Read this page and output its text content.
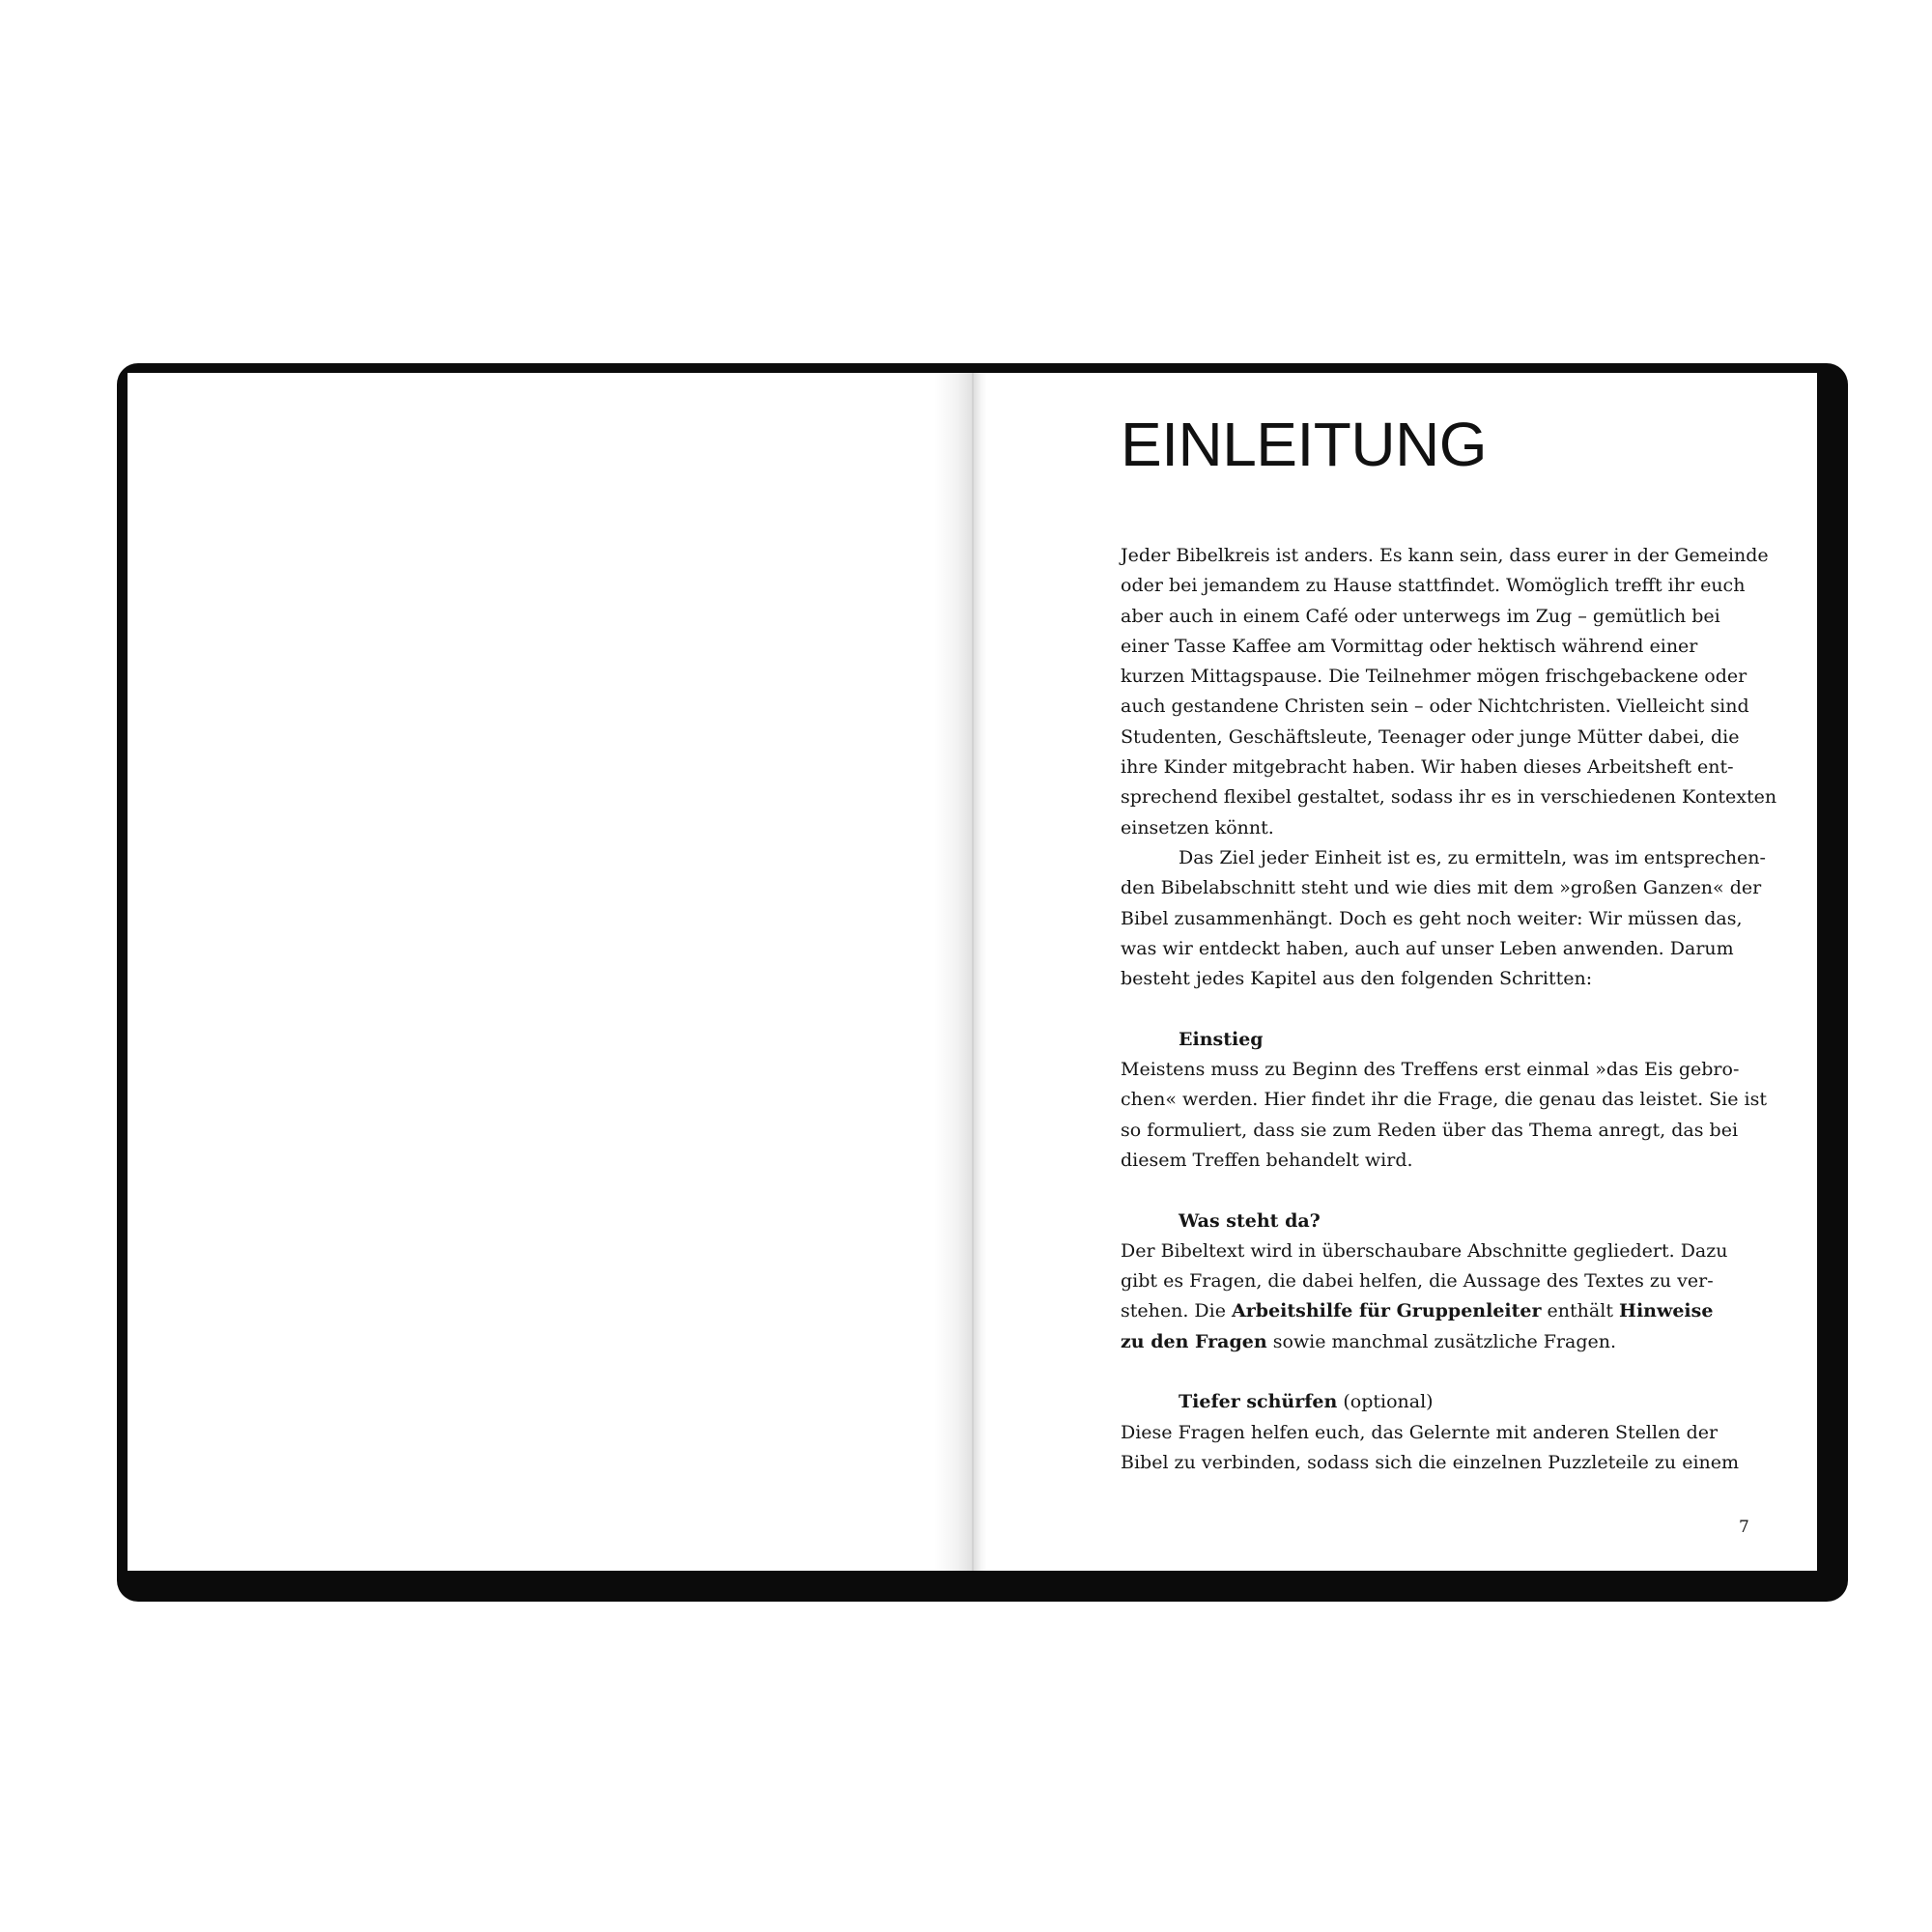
EINLEITUNG
Jeder Bibelkreis ist anders. Es kann sein, dass eurer in der Gemeinde
oder bei jemandem zu Hause stattfindet. Womöglich trefft ihr euch
aber auch in einem Café oder unterwegs im Zug – gemütlich bei
einer Tasse Kaffee am Vormittag oder hektisch während einer
kurzen Mittagspause. Die Teilnehmer mögen frischgebackene oder
auch gestandene Christen sein – oder Nichtchristen. Vielleicht sind
Studenten, Geschäftsleute, Teenager oder junge Mütter dabei, die
ihre Kinder mitgebracht haben. Wir haben dieses Arbeitsheft ent-
sprechend flexibel gestaltet, sodass ihr es in verschiedenen Kontexten
einsetzen könnt.
Das Ziel jeder Einheit ist es, zu ermitteln, was im entsprechen-
den Bibelabschnitt steht und wie dies mit dem »großen Ganzen« der
Bibel zusammenhängt. Doch es geht noch weiter: Wir müssen das,
was wir entdeckt haben, auch auf unser Leben anwenden. Darum
besteht jedes Kapitel aus den folgenden Schritten:
Einstieg
Meistens muss zu Beginn des Treffens erst einmal »das Eis gebro-
chen« werden. Hier findet ihr die Frage, die genau das leistet. Sie ist
so formuliert, dass sie zum Reden über das Thema anregt, das bei
diesem Treffen behandelt wird.
Was steht da?
Der Bibeltext wird in überschaubare Abschnitte gegliedert. Dazu
gibt es Fragen, die dabei helfen, die Aussage des Textes zu ver-
stehen. Die Arbeitshilfe für Gruppenleiter enthält Hinweise
zu den Fragen sowie manchmal zusätzliche Fragen.
Tiefer schürfen (optional)
Diese Fragen helfen euch, das Gelernte mit anderen Stellen der
Bibel zu verbinden, sodass sich die einzelnen Puzzleteile zu einem
7
